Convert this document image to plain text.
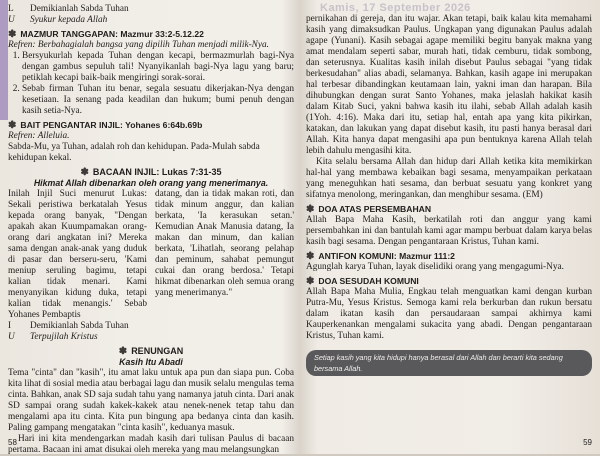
Kamis, 17 September 2026
L	Demikianlah Sabda Tuhan
U	Syukur kepada Allah
✽ MAZMUR TANGGAPAN: Mazmur 33:2-5.12.22

Refren: Berbahagialah bangsa yang dipilih Tuhan menjadi milik-Nya.

1. Bersyukurlah kepada Tuhan dengan kecapi, bermazmurlah bagi-Nya dengan gambus sepuluh tali! Nyanyikanlah bagi-Nya lagu yang baru; petiklah kecapi baik-baik mengiringi sorak-sorai.
2. Sebab firman Tuhan itu benar, segala sesuatu dikerjakan-Nya dengan kesetiaan. Ia senang pada keadilan dan hukum; bumi penuh dengan kasih setia-Nya.
✽ BAIT PENGANTAR INJIL: Yohanes 6:64b.69b

Refren: Alleluia.

Sabda-Mu, ya Tuhan, adalah roh dan kehidupan. Pada-Mulah sabda kehidupan kekal.

✽ BACAAN INJIL: Lukas 7:31-35

Hikmat Allah dibenarkan oleh orang yang menerimanya.

Inilah Injil Suci menurut Lukas: Sekali peristiwa berkatalah Yesus kepada orang banyak, "Dengan apakah akan Kuumpamakan orang-orang dari angkatan ini? Mereka sama dengan anak-anak yang duduk di pasar dan berseru-seru, 'Kami meniup seruling bagimu, tetapi kalian tidak menari. Kami menyanyikan kidung duka, tetapi kalian tidak menangis.' Sebab Yohanes Pembaptis
datang, dan ia tidak makan roti, dan tidak minum anggur, dan kalian berkata, 'Ia kerasukan setan.' Kemudian Anak Manusia datang, Ia makan dan minum, dan kalian berkata, 'Lihatlah, seorang pelahap dan peminum, sahabat pemungut cukai dan orang berdosa.' Tetapi hikmat dibenarkan oleh semua orang yang menerimanya."
I	Demikianlah Sabda Tuhan
U	Terpujilah Kristus
✽ RENUNGAN

Kasih Itu Abadi

Tema "cinta" dan "kasih", itu amat laku untuk apa pun dan siapa pun. Coba kita lihat di sosial media atau berbagai lagu dan musik selalu mengulas tema cinta. Bahkan, anak SD saja sudah tahu yang namanya jatuh cinta. Dari anak SD sampai orang sudah kakek-kakek atau nenek-nenek tetap tahu dan mengalami apa itu cinta. Kita pun bingung apa bedanya cinta dan kasih. Paling gampang mengatakan "cinta kasih", keduanya masuk.

Hari ini kita mendengarkan madah kasih dari tulisan Paulus di bacaan pertama. Bacaan ini amat disukai oleh mereka yang mau melangsungkan

58

pernikahan di gereja, dan itu wajar. Akan tetapi, baik kalau kita memahami kasih yang dimaksudkan Paulus. Ungkapan yang digunakan Paulus adalah agape (Yunani). Kasih sebagai agape memiliki begitu banyak makna yang amat mendalam seperti sabar, murah hati, tidak cemburu, tidak sombong, dan seterusnya. Kualitas kasih inilah disebut Paulus sebagai "yang tidak berkesudahan" alias abadi, selamanya. Bahkan, kasih agape ini merupakan hal terbesar dibandingkan keutamaan lain, yakni iman dan harapan. Bila dihubungkan dengan surat Santo Yohanes, maka jelaslah hakikat kasih dalam Kitab Suci, yakni bahwa kasih itu ilahi, sebab Allah adalah kasih (1Yoh. 4:16). Maka dari itu, setiap hal, entah apa yang kita pikirkan, katakan, dan lakukan yang dapat disebut kasih, itu pasti hanya berasal dari Allah. Kita hanya dapat mengasihi apa pun bentuknya karena Allah telah lebih dahulu mengasihi kita.

Kita selalu bersama Allah dan hidup dari Allah ketika kita memikirkan hal-hal yang membawa kebaikan bagi sesama, menyampaikan perkataan yang meneguhkan hati sesama, dan berbuat sesuatu yang konkret yang sifatnya menolong, meringankan, dan menghibur sesama. (EM)

✽ DOA ATAS PERSEMBAHAN

Allah Bapa Maha Kasih, berkatilah roti dan anggur yang kami persembahkan ini dan bantulah kami agar mampu berbuat dalam karya belas kasih bagi sesama. Dengan pengantaraan Kristus, Tuhan kami.

✽ ANTIFON KOMUNI: Mazmur 111:2

Agunglah karya Tuhan, layak diselidiki orang yang mengagumi-Nya.

✽ DOA SESUDAH KOMUNI

Allah Bapa Maha Mulia, Engkau telah menguatkan kami dengan kurban Putra-Mu, Yesus Kristus. Semoga kami rela berkurban dan rukun bersatu dalam ikatan kasih dan persaudaraan sampai akhirnya kami Kauperkenankan mengalami sukacita yang abadi. Dengan pengantaraan Kristus, Tuhan kami.

Setiap kasih yang kita hidupi hanya berasal dari Allah dan berarti kita sedang bersama Allah.
59
